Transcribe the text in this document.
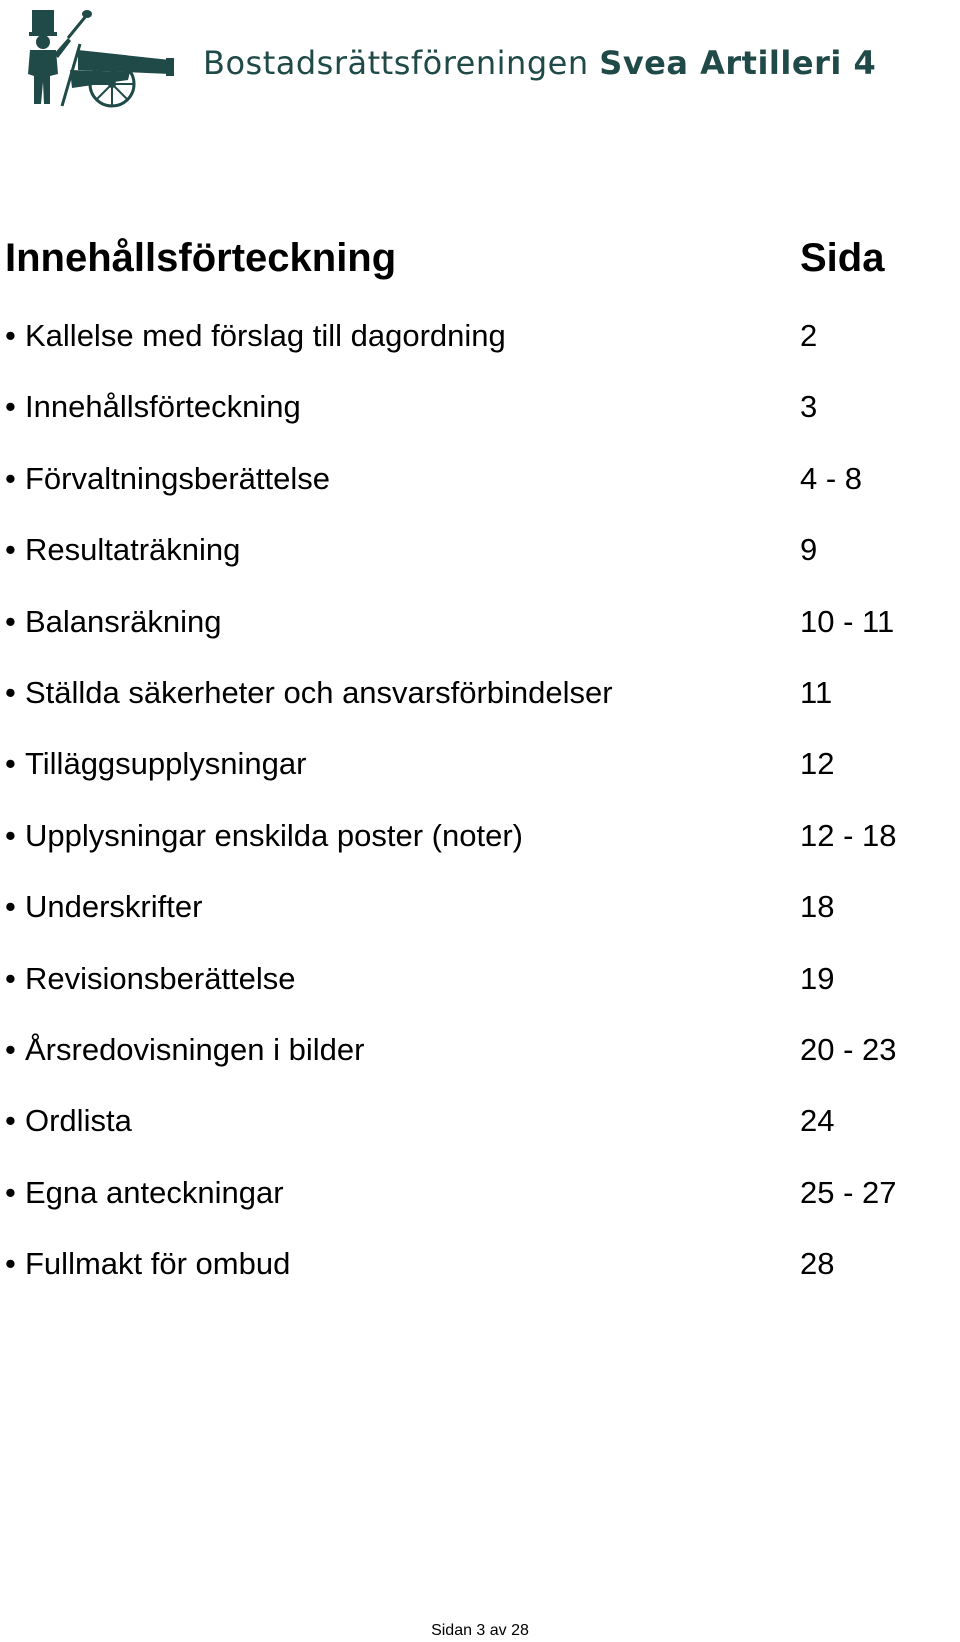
Bostadsrättsföreningen Svea Artilleri 4
Innehållsförteckning	Sida
• Kallelse med förslag till dagordning	2
• Innehållsförteckning	3
• Förvaltningsberättelse	4 - 8
• Resultaträkning	9
• Balansräkning	10 - 11
• Ställda säkerheter och ansvarsförbindelser	11
• Tilläggsupplysningar	12
• Upplysningar enskilda poster (noter)	12 - 18
• Underskrifter	18
• Revisionsberättelse	19
• Årsredovisningen i bilder	20 - 23
• Ordlista	24
• Egna anteckningar	25 - 27
• Fullmakt för ombud	28
Sidan 3 av 28
